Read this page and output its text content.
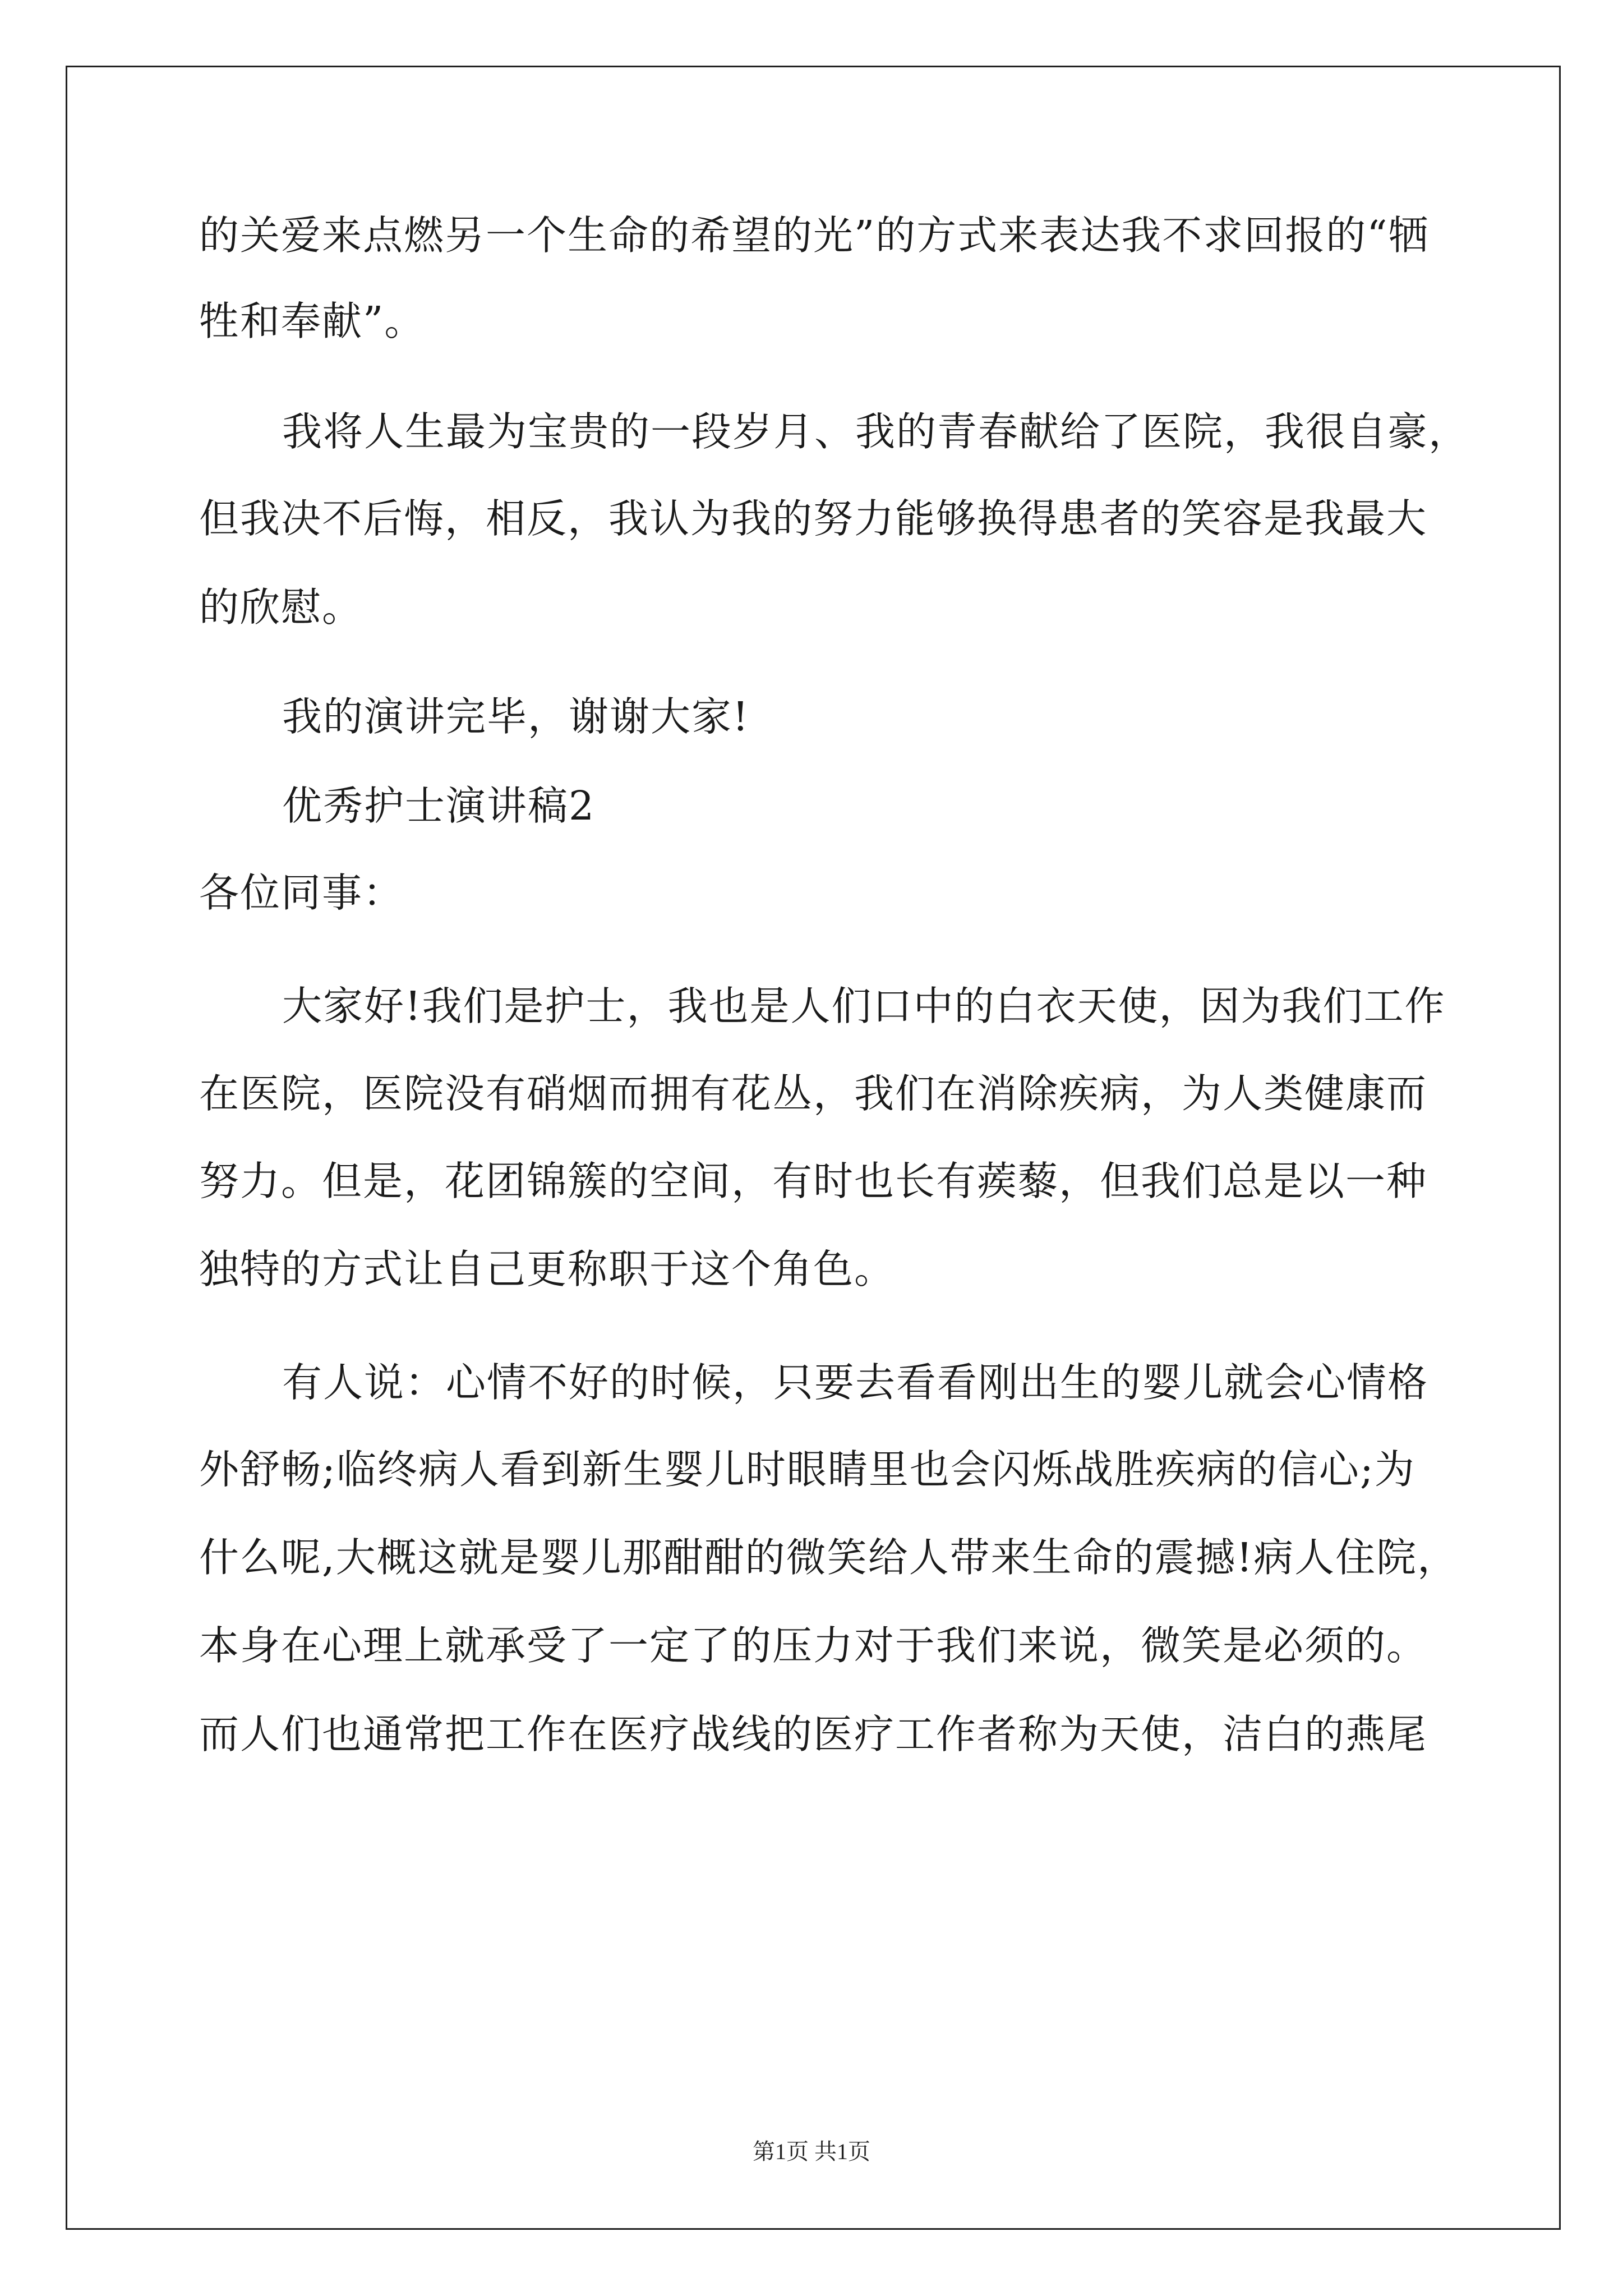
的关爱来点燃另一个生命的希望的光”的方式来表达我不求回报的“牺
牲和奉献”。
我将人生最为宝贵的一段岁月、我的青春献给了医院，我很自豪，
但我决不后悔，相反，我认为我的努力能够换得患者的笑容是我最大
的欣慰。
我的演讲完毕，谢谢大家!
优秀护士演讲稿2
各位同事：
大家好!我们是护士，我也是人们口中的白衣天使，因为我们工作
在医院，医院没有硝烟而拥有花丛，我们在消除疾病，为人类健康而
努力。但是，花团锦簇的空间，有时也长有蒺藜，但我们总是以一种
独特的方式让自己更称职于这个角色。
有人说：心情不好的时候，只要去看看刚出生的婴儿就会心情格
外舒畅;临终病人看到新生婴儿时眼睛里也会闪烁战胜疾病的信心;为
什么呢,大概这就是婴儿那酣酣的微笑给人带来生命的震撼!病人住院，
本身在心理上就承受了一定了的压力对于我们来说，微笑是必须的。
而人们也通常把工作在医疗战线的医疗工作者称为天使，洁白的燕尾
第1页 共1页
